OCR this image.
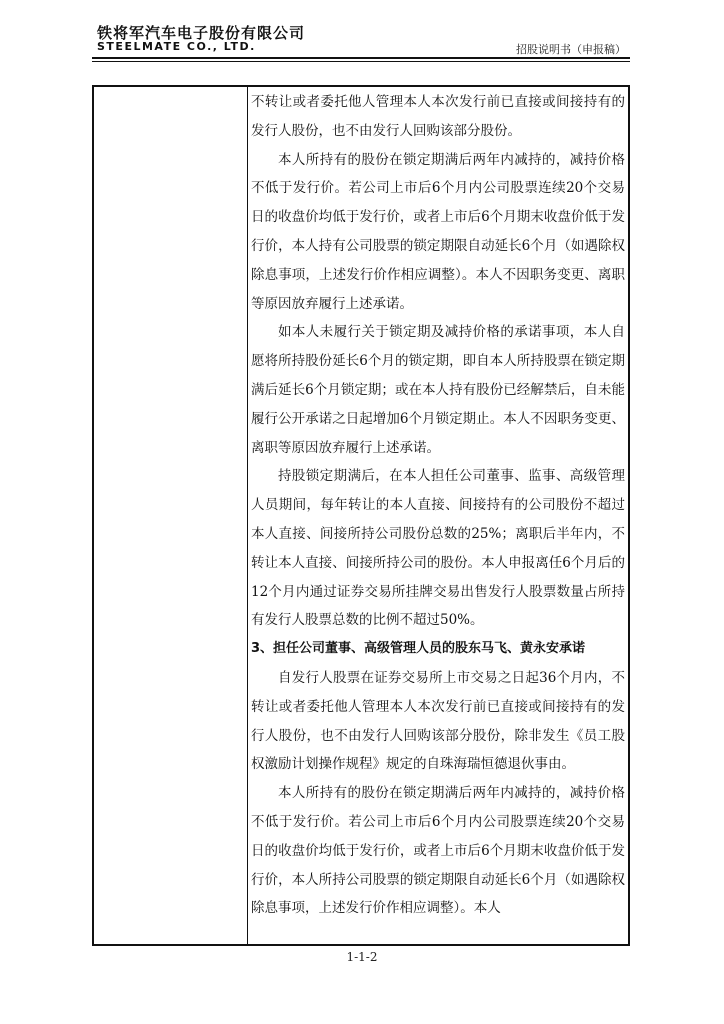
铁将军汽车电子股份有限公司
STEELMATE CO., LTD.	招股说明书（申报稿）

不转让或者委托他人管理本人本次发行前已直接或间接持有的发行人股份，也不由发行人回购该部分股份。

本人所持有的股份在锁定期满后两年内减持的，减持价格不低于发行价。若公司上市后6个月内公司股票连续20个交易日的收盘价均低于发行价，或者上市后6个月期末收盘价低于发行价，本人持有公司股票的锁定期限自动延长6个月（如遇除权除息事项，上述发行价作相应调整）。本人不因职务变更、离职等原因放弃履行上述承诺。

如本人未履行关于锁定期及减持价格的承诺事项，本人自愿将所持股份延长6个月的锁定期，即自本人所持股票在锁定期满后延长6个月锁定期；或在本人持有股份已经解禁后，自未能履行公开承诺之日起增加6个月锁定期止。本人不因职务变更、离职等原因放弃履行上述承诺。

持股锁定期满后，在本人担任公司董事、监事、高级管理人员期间，每年转让的本人直接、间接持有的公司股份不超过本人直接、间接所持公司股份总数的25%；离职后半年内，不转让本人直接、间接所持公司的股份。本人申报离任6个月后的12个月内通过证券交易所挂牌交易出售发行人股票数量占所持有发行人股票总数的比例不超过50%。

3、担任公司董事、高级管理人员的股东马飞、黄永安承诺

自发行人股票在证券交易所上市交易之日起36个月内，不转让或者委托他人管理本人本次发行前已直接或间接持有的发行人股份，也不由发行人回购该部分股份，除非发生《员工股权激励计划操作规程》规定的自珠海瑞恒德退伙事由。

本人所持有的股份在锁定期满后两年内减持的，减持价格不低于发行价。若公司上市后6个月内公司股票连续20个交易日的收盘价均低于发行价，或者上市后6个月期末收盘价低于发行价，本人所持公司股票的锁定期限自动延长6个月（如遇除权除息事项，上述发行价作相应调整）。本人

1-1-2
